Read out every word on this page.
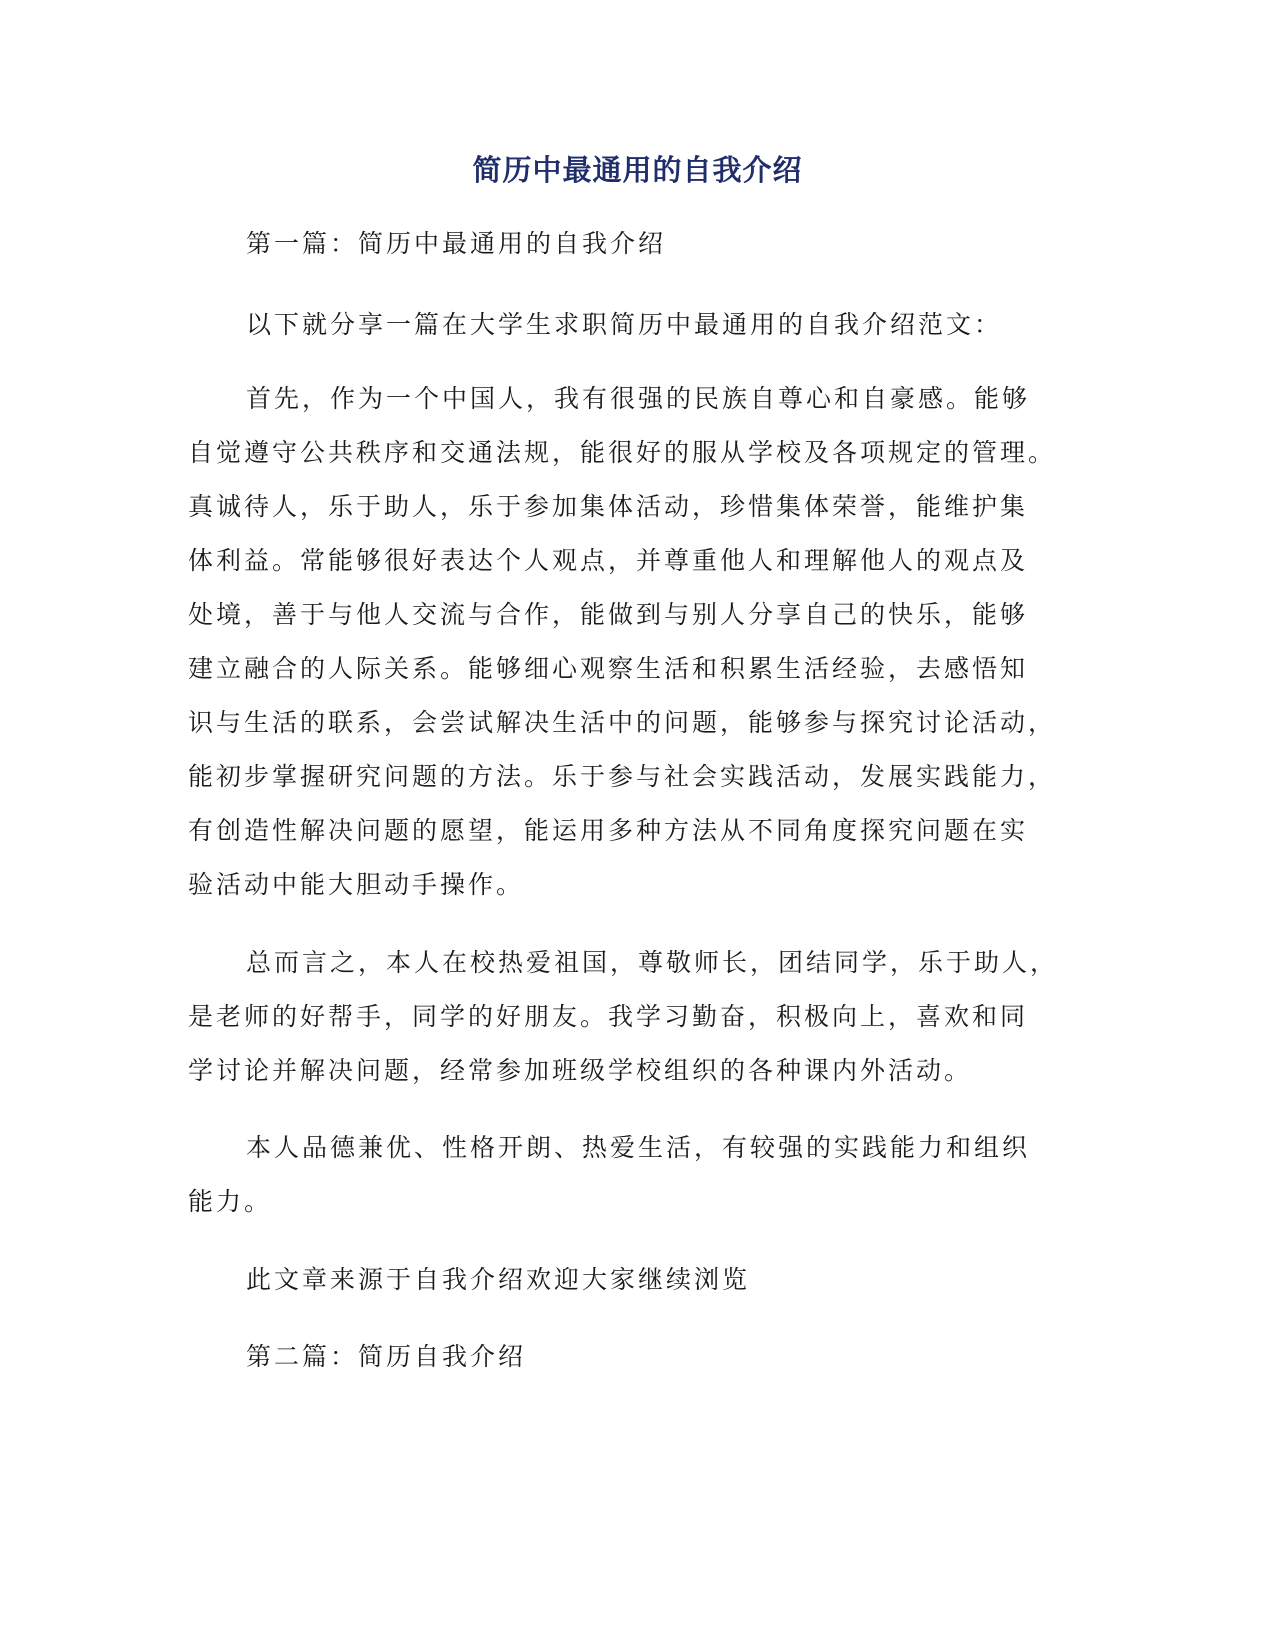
简历中最通用的自我介绍
第一篇：简历中最通用的自我介绍
以下就分享一篇在大学生求职简历中最通用的自我介绍范文：
首先，作为一个中国人，我有很强的民族自尊心和自豪感。能够
自觉遵守公共秩序和交通法规，能很好的服从学校及各项规定的管理。
真诚待人，乐于助人，乐于参加集体活动，珍惜集体荣誉，能维护集
体利益。常能够很好表达个人观点，并尊重他人和理解他人的观点及
处境，善于与他人交流与合作，能做到与别人分享自己的快乐，能够
建立融合的人际关系。能够细心观察生活和积累生活经验，去感悟知
识与生活的联系，会尝试解决生活中的问题，能够参与探究讨论活动，
能初步掌握研究问题的方法。乐于参与社会实践活动，发展实践能力，
有创造性解决问题的愿望，能运用多种方法从不同角度探究问题在实
验活动中能大胆动手操作。
总而言之，本人在校热爱祖国，尊敬师长，团结同学，乐于助人，
是老师的好帮手，同学的好朋友。我学习勤奋，积极向上，喜欢和同
学讨论并解决问题，经常参加班级学校组织的各种课内外活动。
本人品德兼优、性格开朗、热爱生活，有较强的实践能力和组织
能力。
此文章来源于自我介绍欢迎大家继续浏览
第二篇：简历自我介绍
